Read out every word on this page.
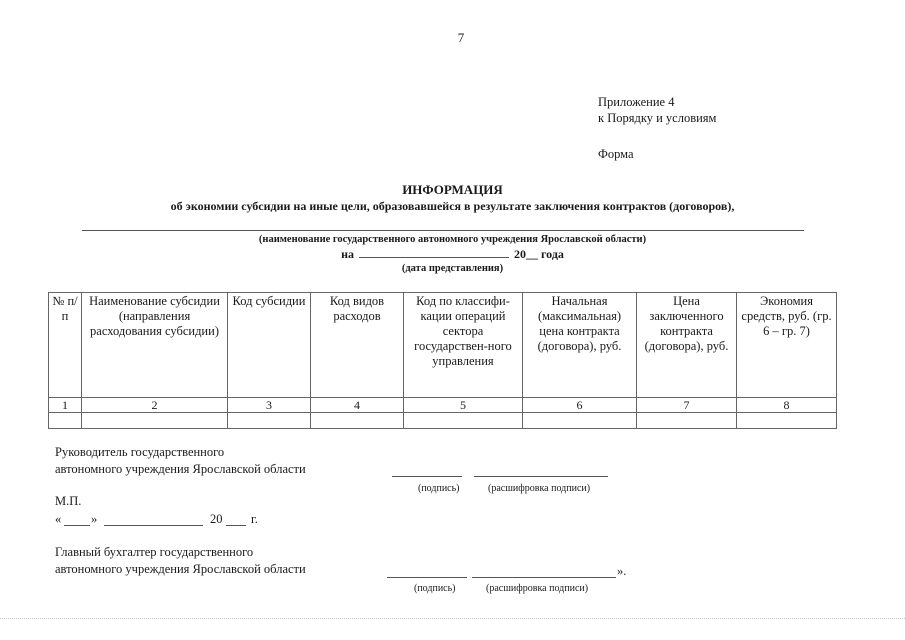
7
Приложение 4
к Порядку и условиям
Форма
ИНФОРМАЦИЯ
об экономии субсидии на иные цели, образовавшейся в результате заключения контрактов (договоров),
(наименование государственного автономного учреждения Ярославской области)
на	20__ года
(дата представления)
№ п/п	Наименование субсидии (направления расходования субсидии)	Код субсидии	Код видов расходов	Код по классифи-кации операций сектора государствен-ного управления	Начальная (максимальная) цена контракта (договора), руб.	Цена заключенного контракта (договора), руб.	Экономия средств, руб. (гр. 6 – гр. 7)
1	2	3	4	5	6	7	8

Руководитель государственного
автономного учреждения Ярославской области
(подпись)	(расшифровка подписи)
М.П.
« »	20 г.
Главный бухгалтер государственного
автономного учреждения Ярославской области	».
(подпись)	(расшифровка подписи)
